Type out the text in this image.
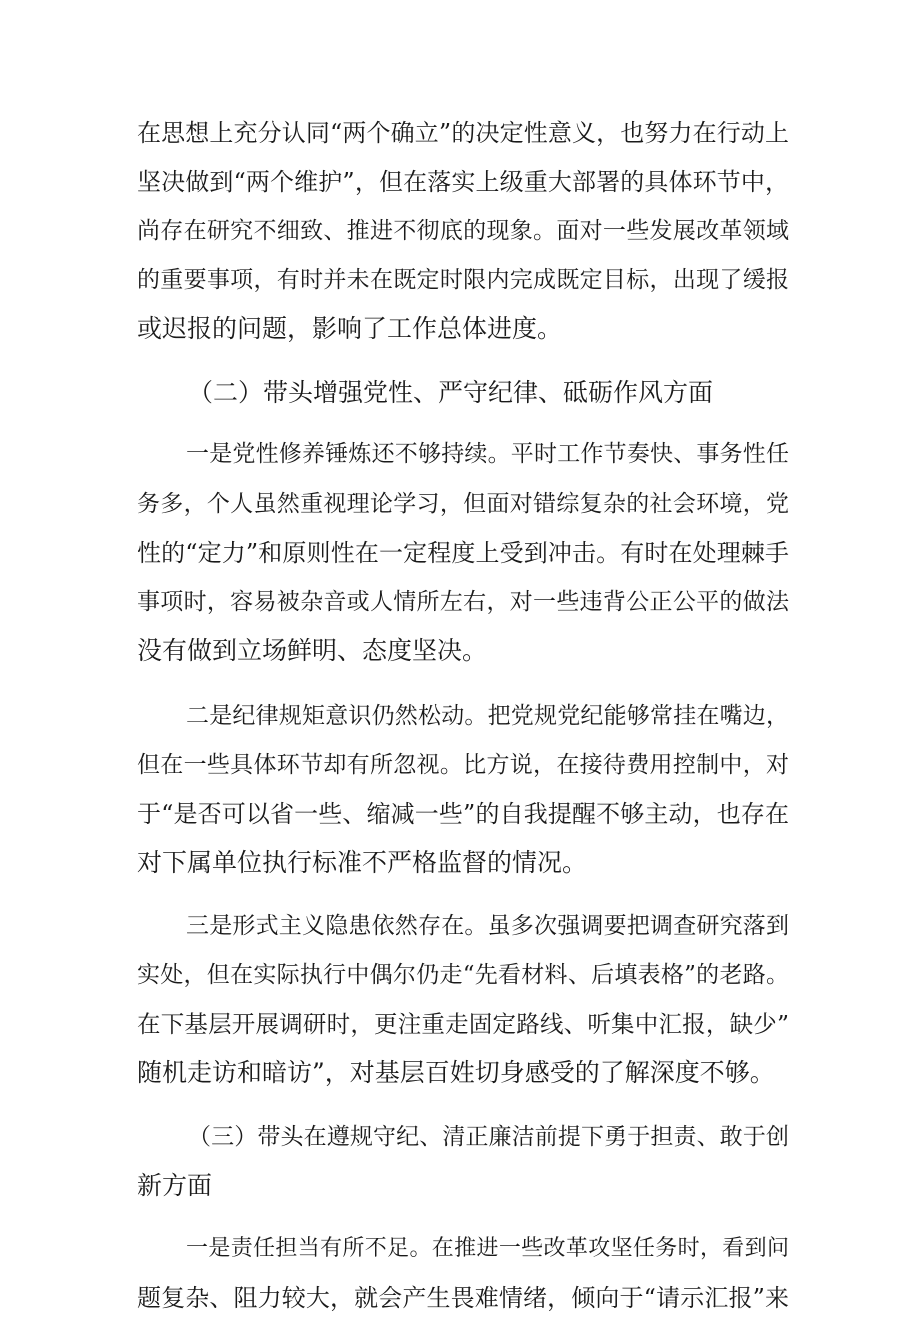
在思想上充分认同“两个确立”的决定性意义，也努力在行动上
坚决做到“两个维护”，但在落实上级重大部署的具体环节中，
尚存在研究不细致、推进不彻底的现象。面对一些发展改革领域
的重要事项，有时并未在既定时限内完成既定目标，出现了缓报
或迟报的问题，影响了工作总体进度。
（二）带头增强党性、严守纪律、砥砺作风方面
一是党性修养锤炼还不够持续。平时工作节奏快、事务性任
务多，个人虽然重视理论学习，但面对错综复杂的社会环境，党
性的“定力”和原则性在一定程度上受到冲击。有时在处理棘手
事项时，容易被杂音或人情所左右，对一些违背公正公平的做法
没有做到立场鲜明、态度坚决。
二是纪律规矩意识仍然松动。把党规党纪能够常挂在嘴边，
但在一些具体环节却有所忽视。比方说，在接待费用控制中，对
于“是否可以省一些、缩减一些”的自我提醒不够主动，也存在
对下属单位执行标准不严格监督的情况。
三是形式主义隐患依然存在。虽多次强调要把调查研究落到
实处，但在实际执行中偶尔仍走“先看材料、后填表格”的老路。
在下基层开展调研时，更注重走固定路线、听集中汇报，缺少”
随机走访和暗访”，对基层百姓切身感受的了解深度不够。
（三）带头在遵规守纪、清正廉洁前提下勇于担责、敢于创
新方面
一是责任担当有所不足。在推进一些改革攻坚任务时，看到问
题复杂、阻力较大，就会产生畏难情绪，倾向于“请示汇报”来
